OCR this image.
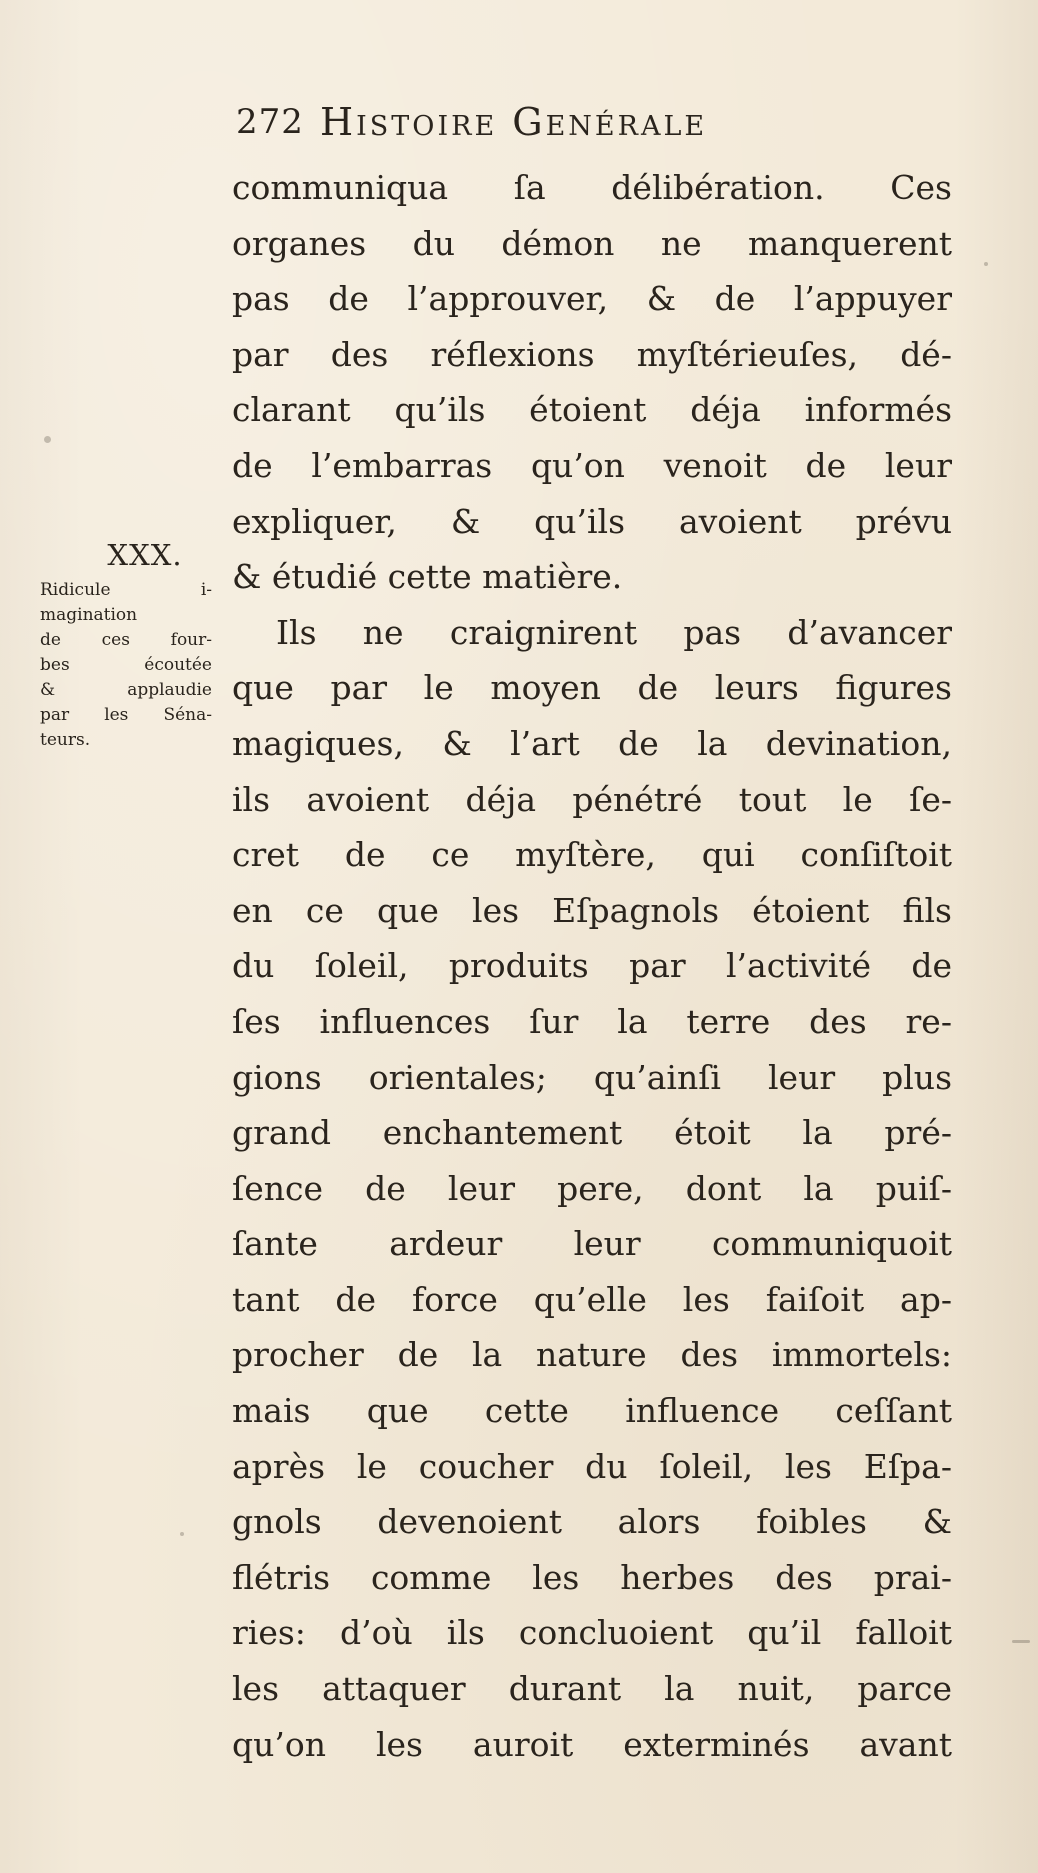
272 Histoire Genérale
XXX.
Ridicule i-
magination
de ces four-
bes écoutée
& applaudie
par les Séna-
teurs.
communiqua ſa délibération. Ces
organes du démon ne manquerent
pas de l’approuver, & de l’appuyer
par des réflexions myſtérieuſes, dé-
clarant qu’ils étoient déja informés
de l’embarras qu’on venoit de leur
expliquer, & qu’ils avoient prévu
& étudié cette matière.
Ils ne craignirent pas d’avancer
que par le moyen de leurs figures
magiques, & l’art de la devination,
ils avoient déja pénétré tout le ſe-
cret de ce myſtère, qui conſiſtoit
en ce que les Eſpagnols étoient fils
du ſoleil, produits par l’activité de
ſes influences ſur la terre des re-
gions orientales; qu’ainſi leur plus
grand enchantement étoit la pré-
ſence de leur pere, dont la puiſ-
ſante ardeur leur communiquoit
tant de force qu’elle les faiſoit ap-
procher de la nature des immortels:
mais que cette influence ceſſant
après le coucher du ſoleil, les Eſpa-
gnols devenoient alors foibles &
flétris comme les herbes des prai-
ries: d’où ils concluoient qu’il falloit
les attaquer durant la nuit, parce
qu’on les auroit exterminés avant
